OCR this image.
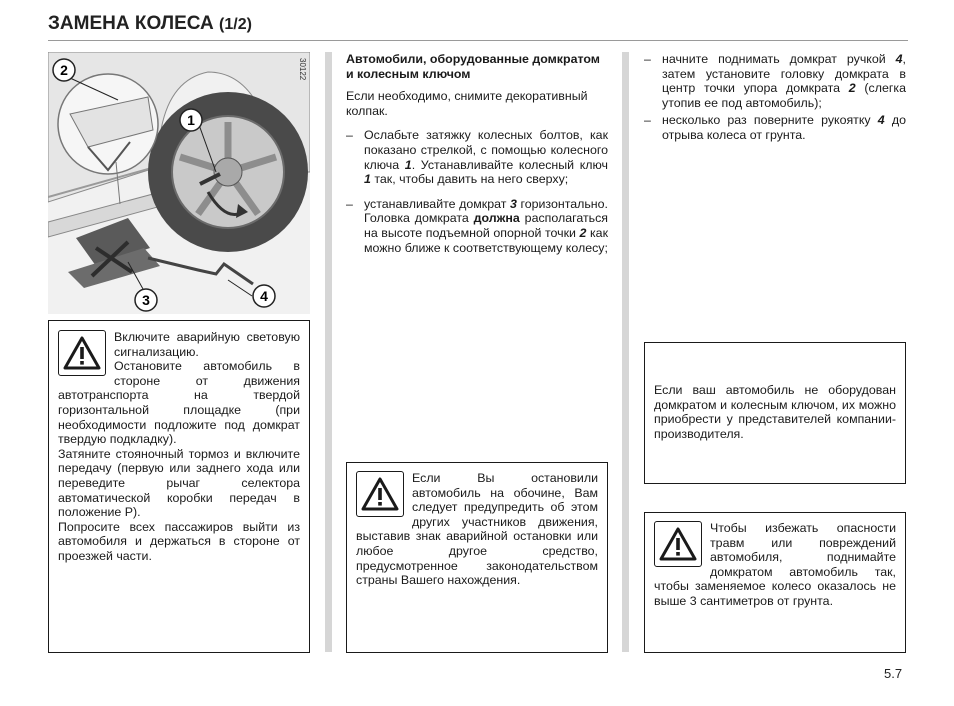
ЗАМЕНА КОЛЕСА (1/2)
2
1
3	4
30122

Включите аварийную световую сигнализацию.

Остановите автомобиль в стороне от движения автотранспорта на твердой горизонтальной площадке (при необходимости подложите под домкрат твердую подкладку).

Затяните стояночный тормоз и включите передачу (первую или заднего хода или переведите рычаг селектора автоматической коробки передач в положение P).

Попросите всех пассажиров выйти из автомобиля и держаться в стороне от проезжей части.

Автомобили, оборудованные домкратом и колесным ключом

Если необходимо, снимите декоративный колпак.

– Ослабьте затяжку колесных болтов, как показано стрелкой, с помощью колесного ключа 1. Устанавливайте колесный ключ 1 так, чтобы давить на него сверху;
– устанавливайте домкрат 3 горизонтально. Головка домкрата должна располагаться на высоте подъемной опорной точки 2 как можно ближе к соответствующему колесу;

Если Вы остановили автомобиль на обочине, Вам следует предупредить об этом других участников движения, выставив знак аварийной остановки или любое другое средство, предусмотренное законодательством страны Вашего нахождения.

– начните поднимать домкрат ручкой 4, затем установите головку домкрата в центр точки упора домкрата 2 (слегка утопив ее под автомобиль);
– несколько раз поверните рукоятку 4 до отрыва колеса от грунта.

Если ваш автомобиль не оборудован домкратом и колесным ключом, их можно приобрести у представителей компании-производителя.

Чтобы избежать опасности травм или повреждений автомобиля, поднимайте домкратом автомобиль так, чтобы заменяемое колесо оказалось не выше 3 сантиметров от грунта.

5.7
